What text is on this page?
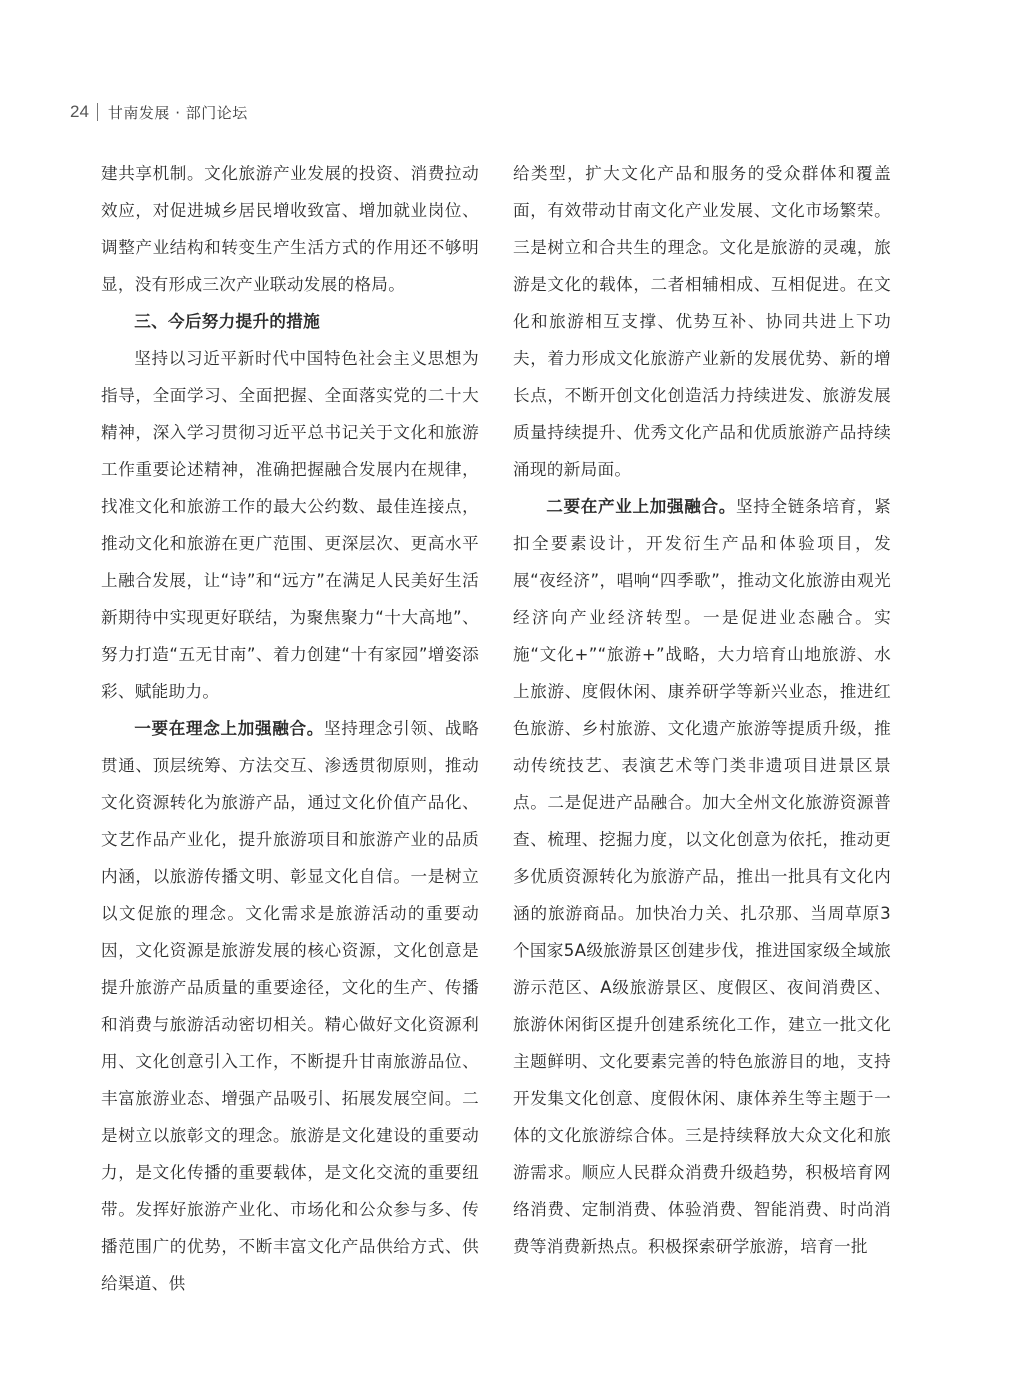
24 甘南发展 · 部门论坛

建共享机制。文化旅游产业发展的投资、消费拉动效应，对促进城乡居民增收致富、增加就业岗位、调整产业结构和转变生产生活方式的作用还不够明显，没有形成三次产业联动发展的格局。

三、今后努力提升的措施

坚持以习近平新时代中国特色社会主义思想为指导，全面学习、全面把握、全面落实党的二十大精神，深入学习贯彻习近平总书记关于文化和旅游工作重要论述精神，准确把握融合发展内在规律，找准文化和旅游工作的最大公约数、最佳连接点，推动文化和旅游在更广范围、更深层次、更高水平上融合发展，让“诗”和“远方”在满足人民美好生活新期待中实现更好联结，为聚焦聚力“十大高地”、努力打造“五无甘南”、着力创建“十有家园”增姿添彩、赋能助力。

一要在理念上加强融合。坚持理念引领、战略贯通、顶层统筹、方法交互、渗透贯彻原则，推动文化资源转化为旅游产品，通过文化价值产品化、文艺作品产业化，提升旅游项目和旅游产业的品质内涵，以旅游传播文明、彰显文化自信。一是树立以文促旅的理念。文化需求是旅游活动的重要动因，文化资源是旅游发展的核心资源，文化创意是提升旅游产品质量的重要途径，文化的生产、传播和消费与旅游活动密切相关。精心做好文化资源利用、文化创意引入工作，不断提升甘南旅游品位、丰富旅游业态、增强产品吸引、拓展发展空间。二是树立以旅彰文的理念。旅游是文化建设的重要动力，是文化传播的重要载体，是文化交流的重要纽带。发挥好旅游产业化、市场化和公众参与多、传播范围广的优势，不断丰富文化产品供给方式、供给渠道、供

给类型，扩大文化产品和服务的受众群体和覆盖面，有效带动甘南文化产业发展、文化市场繁荣。三是树立和合共生的理念。文化是旅游的灵魂，旅游是文化的载体，二者相辅相成、互相促进。在文化和旅游相互支撑、优势互补、协同共进上下功夫，着力形成文化旅游产业新的发展优势、新的增长点，不断开创文化创造活力持续进发、旅游发展质量持续提升、优秀文化产品和优质旅游产品持续涌现的新局面。

二要在产业上加强融合。坚持全链条培育，紧扣全要素设计，开发衍生产品和体验项目，发展“夜经济”，唱响“四季歌”，推动文化旅游由观光经济向产业经济转型。一是促进业态融合。实施“文化+”“旅游+”战略，大力培育山地旅游、水上旅游、度假休闲、康养研学等新兴业态，推进红色旅游、乡村旅游、文化遗产旅游等提质升级，推动传统技艺、表演艺术等门类非遗项目进景区景点。二是促进产品融合。加大全州文化旅游资源普查、梳理、挖掘力度，以文化创意为依托，推动更多优质资源转化为旅游产品，推出一批具有文化内涵的旅游商品。加快冶力关、扎尕那、当周草原3个国家5A级旅游景区创建步伐，推进国家级全域旅游示范区、A级旅游景区、度假区、夜间消费区、旅游休闲街区提升创建系统化工作，建立一批文化主题鲜明、文化要素完善的特色旅游目的地，支持开发集文化创意、度假休闲、康体养生等主题于一体的文化旅游综合体。三是持续释放大众文化和旅游需求。顺应人民群众消费升级趋势，积极培育网络消费、定制消费、体验消费、智能消费、时尚消费等消费新热点。积极探索研学旅游，培育一批
